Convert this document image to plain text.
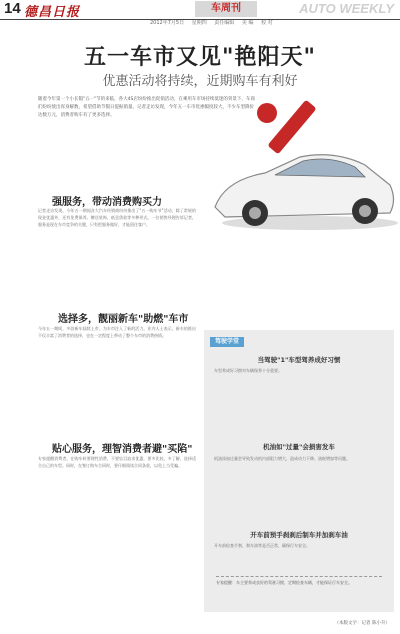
14 德昌日报	车周刊	AUTO WEEKLY
2012年7月5日 星期四 责任编辑 美 编 校 对
五一车市又见"艳阳天"
优惠活动将持续，近期购车有利好
随着今年第一个小长假"五一"节的来临，各大4S店纷纷推出促销活动，在乘用车市场持续低迷的背景下，车商们纷纷使出浑身解数，希望借助节假日提振销量。记者走访发现，今年五一车市优惠幅度较大，不少车型降价达数万元，消费者购车有了更多选择。
强服务，带动消费购买力
记者走访发现，今年五一期间各大汽车经销商纷纷推出了"五一购车节"活动，除了常规的现金优惠外，还有免费保养、赠送装饰、低息贷款等多种形式。一位销售经理告诉记者，服务是现在车市竞争的关键，只有把服务做好，才能留住客户。
选择多，靓丽新车"助燃"车市
今年五一期间，多款新车陆续上市，为车市注入了新的活力。业内人士表示，新车的推出不仅丰富了消费者的选择，也在一定程度上带动了整个车市的消费热情。
贴心服务，理智消费者避"买陷"
专家提醒消费者，在购车时要理性消费，不要盲目追求优惠，要多比较，多了解，选择适合自己的车型。同时，在签订购车合同时，要仔细阅读合同条款，以免上当受骗。
驾驶学堂
当驾驶"1"车型驾养成好习惯
车型养成好习惯对车辆保养十分重要。
机油如"过量"会损害发车
机油添加过量会导致发动机内部阻力增大，造成动力下降、油耗增加等问题。
开车前预手刹刹后制车并加刹车油
开车前检查手刹、刹车油等是否正常，确保行车安全。
专家提醒：车主要养成良好的驾驶习惯，定期检查车辆，才能保证行车安全。
（本版文字：记者 陈小升）
